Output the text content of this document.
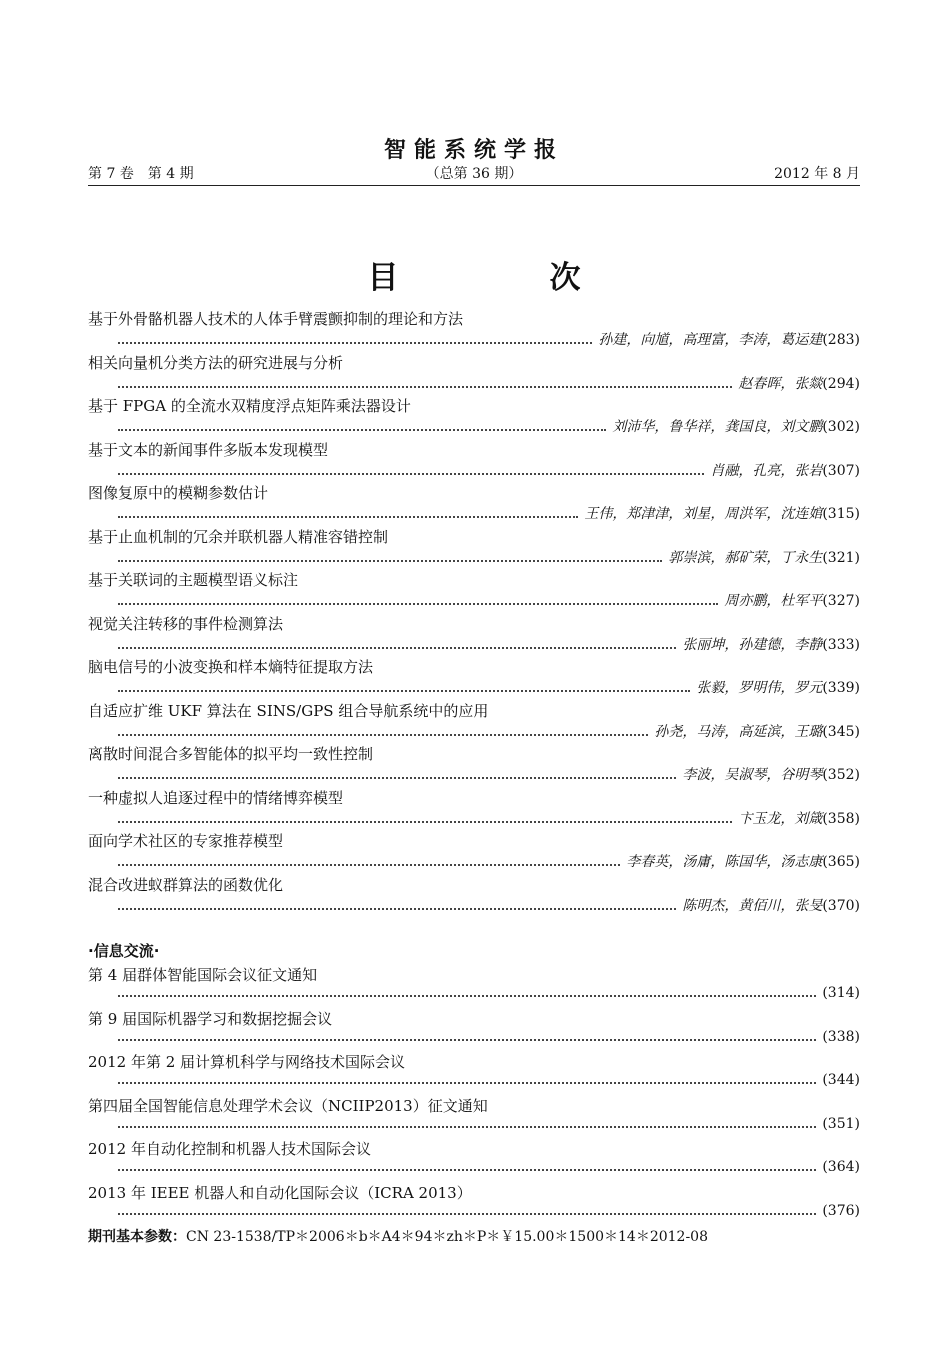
智能系统学报
第 7 卷　第 4 期	（总第 36 期）	2012 年 8 月
目　次
基于外骨骼机器人技术的人体手臂震颤抑制的理论和方法
孙建，向馗，高理富，李涛，葛运建 (283)
相关向量机分类方法的研究进展与分析
赵春晖，张燚 (294)
基于 FPGA 的全流水双精度浮点矩阵乘法器设计
刘沛华，鲁华祥，龚国良，刘文鹏 (302)
基于文本的新闻事件多版本发现模型
肖融，孔亮，张岩 (307)
图像复原中的模糊参数估计
王伟，郑津津，刘星，周洪军，沈连婠 (315)
基于止血机制的冗余并联机器人精准容错控制
郭崇滨，郝矿荣，丁永生 (321)
基于关联词的主题模型语义标注
周亦鹏，杜军平 (327)
视觉关注转移的事件检测算法
张丽坤，孙建德，李静 (333)
脑电信号的小波变换和样本熵特征提取方法
张毅，罗明伟，罗元 (339)
自适应扩维 UKF 算法在 SINS/GPS 组合导航系统中的应用
孙尧，马涛，高延滨，王璐 (345)
离散时间混合多智能体的拟平均一致性控制
李波，吴淑琴，谷明琴 (352)
一种虚拟人追逐过程中的情绪博弈模型
卞玉龙，刘箴 (358)
面向学术社区的专家推荐模型
李春英，汤庸，陈国华，汤志康 (365)
混合改进蚁群算法的函数优化
陈明杰，黄佰川，张旻 (370)
·信息交流·
第 4 届群体智能国际会议征文通知
(314)
第 9 届国际机器学习和数据挖掘会议
(338)
2012 年第 2 届计算机科学与网络技术国际会议
(344)
第四届全国智能信息处理学术会议（NCIIP2013）征文通知
(351)
2012 年自动化控制和机器人技术国际会议
(364)
2013 年 IEEE 机器人和自动化国际会议（ICRA 2013）
(376)
期刊基本参数：CN 23-1538/TP＊2006＊b＊A4＊94＊zh＊P＊￥15.00＊1500＊14＊2012-08
